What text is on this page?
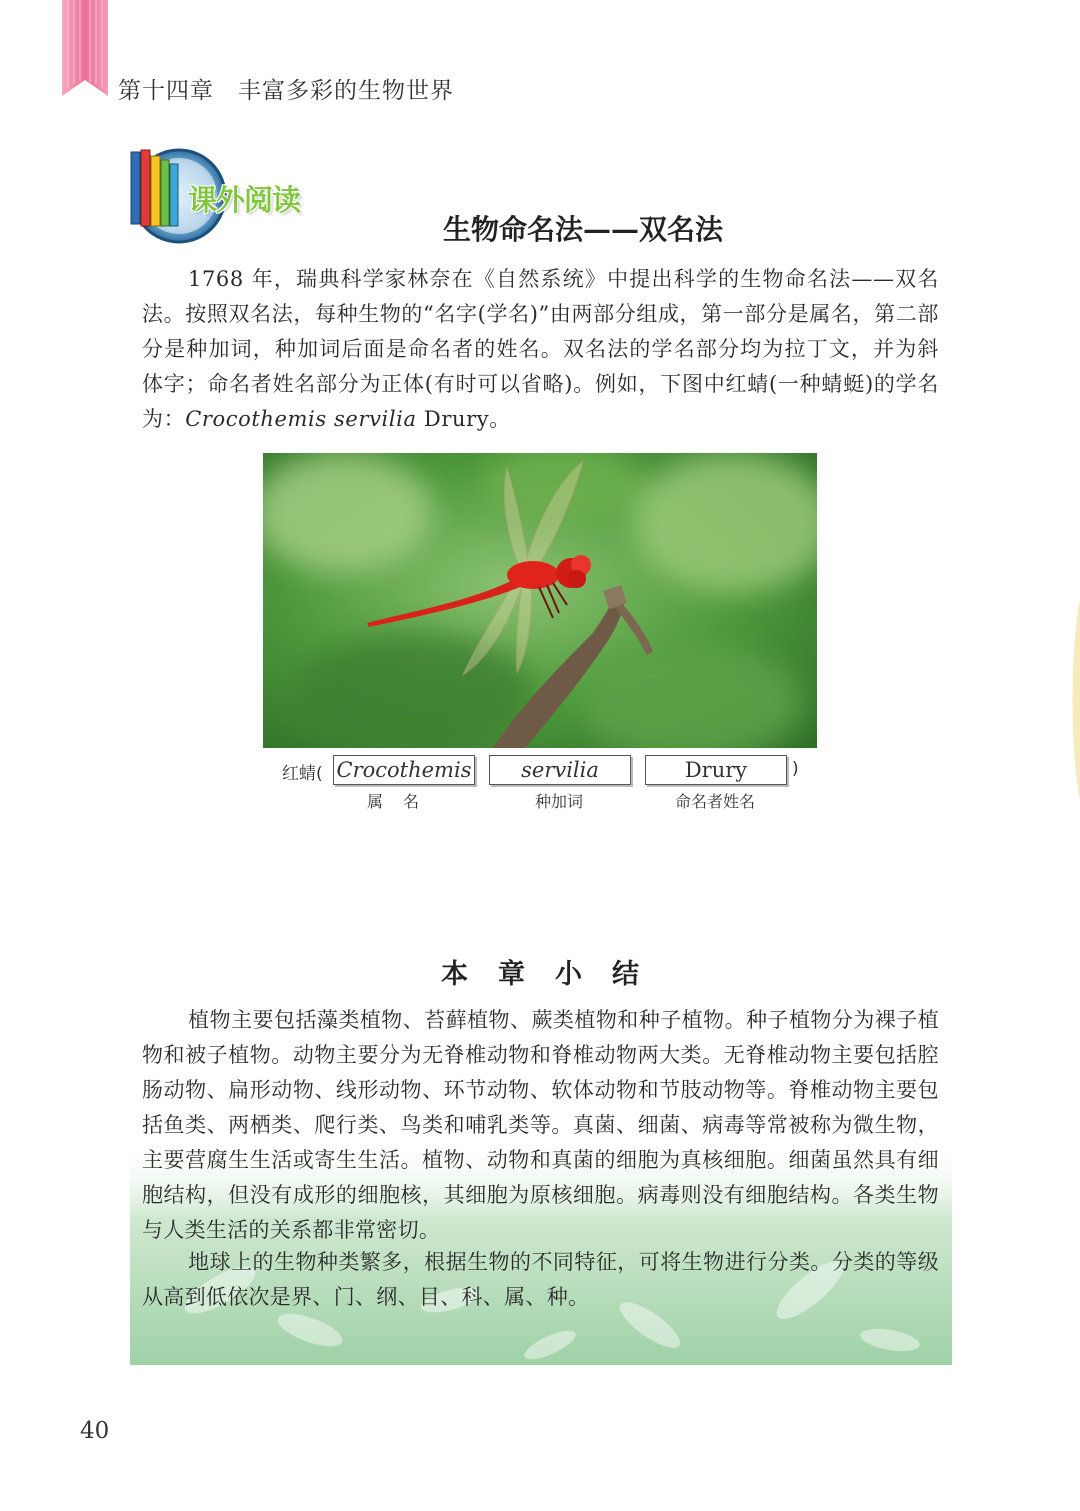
第十四章　丰富多彩的生物世界
课外阅读
生物命名法——双名法

1768 年，瑞典科学家林奈在《自然系统》中提出科学的生物命名法——双名法。按照双名法，每种生物的“名字(学名)”由两部分组成，第一部分是属名，第二部分是种加词，种加词后面是命名者的姓名。双名法的学名部分均为拉丁文，并为斜体字；命名者姓名部分为正体(有时可以省略)。例如，下图中红蜻(一种蜻蜓)的学名为：Crocothemis servilia Drury。

红蜻( Crocothemis	servilia	Drury	)
属名	种加词	命名者姓名
本章小结

植物主要包括藻类植物、苔藓植物、蕨类植物和种子植物。种子植物分为裸子植物和被子植物。动物主要分为无脊椎动物和脊椎动物两大类。无脊椎动物主要包括腔肠动物、扁形动物、线形动物、环节动物、软体动物和节肢动物等。脊椎动物主要包括鱼类、两栖类、爬行类、鸟类和哺乳类等。真菌、细菌、病毒等常被称为微生物，主要营腐生生活或寄生生活。植物、动物和真菌的细胞为真核细胞。细菌虽然具有细胞结构，但没有成形的细胞核，其细胞为原核细胞。病毒则没有细胞结构。各类生物与人类生活的关系都非常密切。

地球上的生物种类繁多，根据生物的不同特征，可将生物进行分类。分类的等级从高到低依次是界、门、纲、目、科、属、种。

40
